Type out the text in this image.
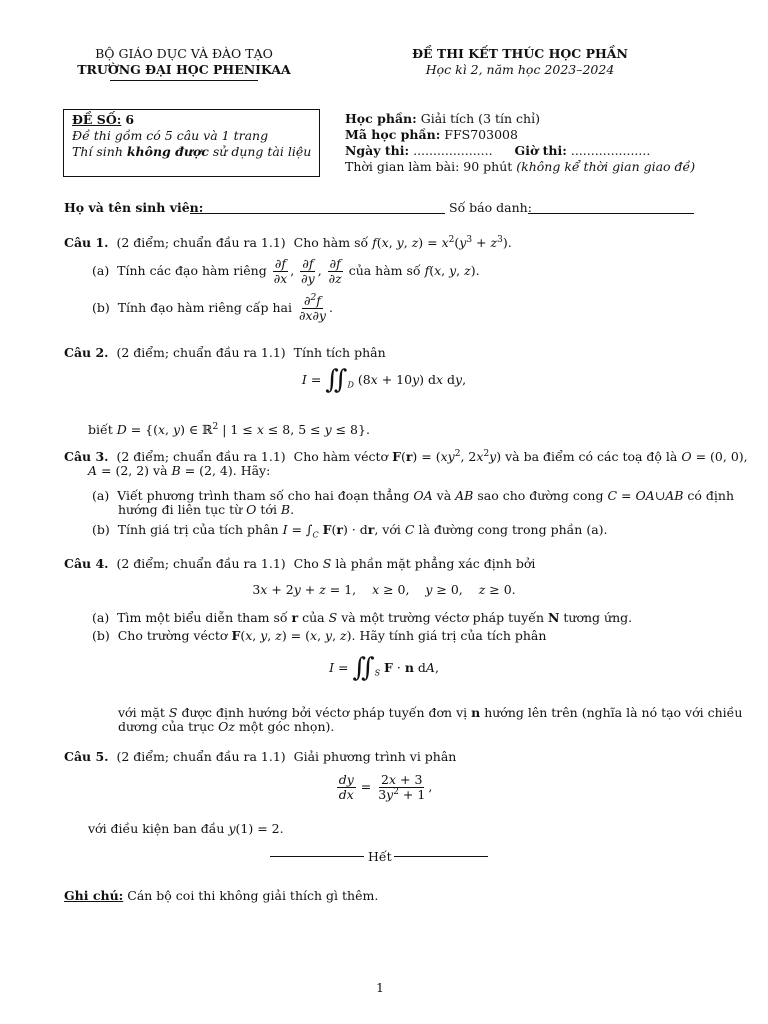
BỘ GIÁO DỤC VÀ ĐÀO TẠO
TRƯỜNG ĐẠI HỌC PHENIKAA
ĐỀ THI KẾT THÚC HỌC PHẦN
Học kì 2, năm học 2023–2024
ĐỀ SỐ: 6
Đề thi gồm có 5 câu và 1 trang
Thí sinh không được sử dụng tài liệu
Học phần: Giải tích (3 tín chỉ)
Mã học phần: FFS703008
Ngày thi: .................... Giờ thi: ....................
Thời gian làm bài: 90 phút (không kể thời gian giao đề)
Họ và tên sinh viên:	Số báo danh:
Câu 1. (2 điểm; chuẩn đầu ra 1.1) Cho hàm số f(x, y, $z) = x^2(y^3 + z^3)$.
(a) Tính các đạo hàm riêng $\frac{\partial f}{\partial x}$ , $\frac{\partial f}{\partial y}$ , $\frac{\partial f}{\partial z}$ của hàm số f(x, y, z).
(b) Tính đạo hàm riêng cấp hai $\frac{\partial^2f}{\partial x\partial y}$ .
Câu 2. (2 điểm; chuẩn đầu ra 1.1) Tính tích phân
$I = ∬_D$ (8x + 10y) dx dy,
biết D = {(x, y) ∈ ℝ$^2$ | 1 ≤ x ≤ 8, 5 ≤ y ≤ 8}.
Câu 3. (2 điểm; chuẩn đầu ra 1.1) Cho hàm véctơ $F(r) = (xy^2$, $2x^2y$) và ba điểm có các toạ độ là O = (0, 0),
A = (2, 2) và B = (2, 4). Hãy:
(a) Viết phương trình tham số cho hai đoạn thẳng OA và AB sao cho đường cong C = OA∪AB có định
hướng đi liên tục từ O tới B.
(b) Tính giá trị của tích phân $I = \int_C$ F(r) · dr, với C là đường cong trong phần (a).
Câu 4. (2 điểm; chuẩn đầu ra 1.1) Cho S là phần mặt phẳng xác định bởi
3x + 2y + z = 1,    x ≥ 0,    y ≥ 0,    z ≥ 0.
(a) Tìm một biểu diễn tham số r của S và một trường véctơ pháp tuyến N tương ứng.
(b) Cho trường véctơ F(x, y, z) = (x, y, z). Hãy tính giá trị của tích phân
$I = ∬_S$ F · n dA,
với mặt S được định hướng bởi véctơ pháp tuyến đơn vị n hướng lên trên (nghĩa là nó tạo với chiều
dương của trục Oz một góc nhọn).
Câu 5. (2 điểm; chuẩn đầu ra 1.1) Giải phương trình vi phân
$\frac{dy}{dx} = \frac{2x + 3}{3y^2 + 1}$ ,
với điều kiện ban đầu y(1) = 2.
Hết
Ghi chú: Cán bộ coi thi không giải thích gì thêm.
1
